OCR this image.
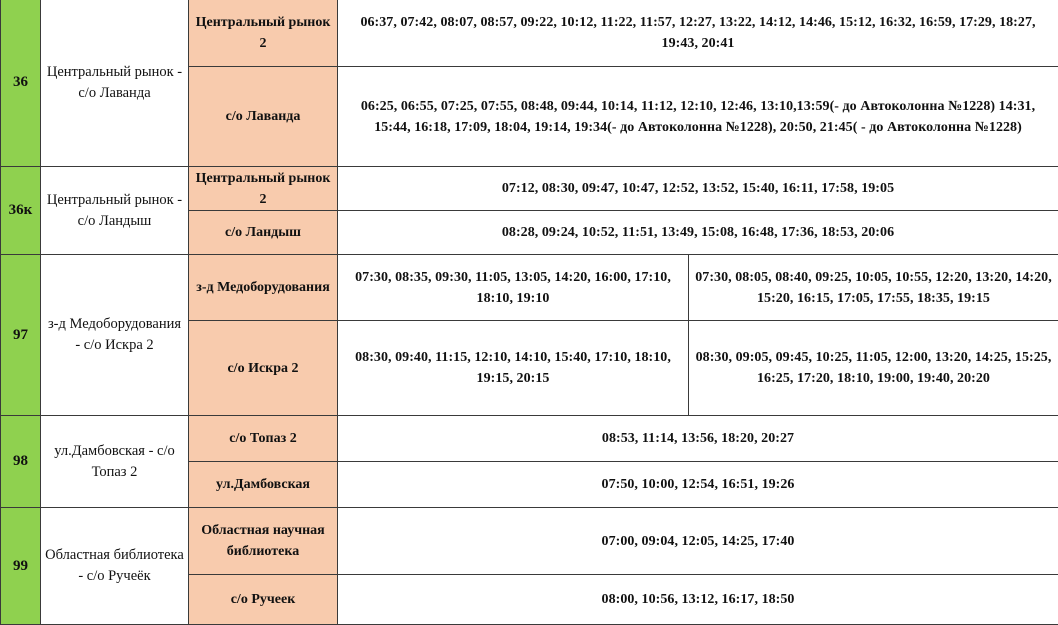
36	Центральный рынок - с/о Лаванда	Центральный рынок 2	06:37, 07:42, 08:07, 08:57, 09:22, 10:12, 11:22, 11:57, 12:27, 13:22, 14:12, 14:46, 15:12, 16:32, 16:59, 17:29, 18:27, 19:43, 20:41	
		с/о Лаванда	06:25, 06:55, 07:25, 07:55, 08:48, 09:44, 10:14, 11:12, 12:10, 12:46, 13:10,13:59(- до Автоколонна №1228) 14:31, 15:44, 16:18, 17:09, 18:04, 19:14, 19:34(- до Автоколонна №1228), 20:50, 21:45( - до Автоколонна №1228)	
36к	Центральный рынок - с/о Ландыш	Центральный рынок 2	07:12, 08:30, 09:47, 10:47, 12:52, 13:52, 15:40, 16:11, 17:58, 19:05	
		с/о Ландыш	08:28, 09:24, 10:52, 11:51, 13:49, 15:08, 16:48, 17:36, 18:53, 20:06	
97	з-д Медоборудования - с/о Искра 2	з-д Медоборудования	07:30, 08:35, 09:30, 11:05, 13:05, 14:20, 16:00, 17:10, 18:10, 19:10	07:30, 08:05, 08:40, 09:25, 10:05, 10:55, 12:20, 13:20, 14:20, 15:20, 16:15, 17:05, 17:55, 18:35, 19:15
		с/о Искра 2	08:30, 09:40, 11:15, 12:10, 14:10, 15:40, 17:10, 18:10, 19:15, 20:15	08:30, 09:05, 09:45, 10:25, 11:05, 12:00, 13:20, 14:25, 15:25, 16:25, 17:20, 18:10, 19:00, 19:40, 20:20
98	ул.Дамбовская - с/о Топаз 2	с/о Топаз 2	08:53, 11:14, 13:56, 18:20, 20:27	
		ул.Дамбовская	07:50, 10:00, 12:54, 16:51, 19:26	
99	Областная библиотека - с/о Ручеёк	Областная научная библиотека	07:00, 09:04, 12:05, 14:25, 17:40	
		с/о Ручеек	08:00, 10:56, 13:12, 16:17, 18:50	
